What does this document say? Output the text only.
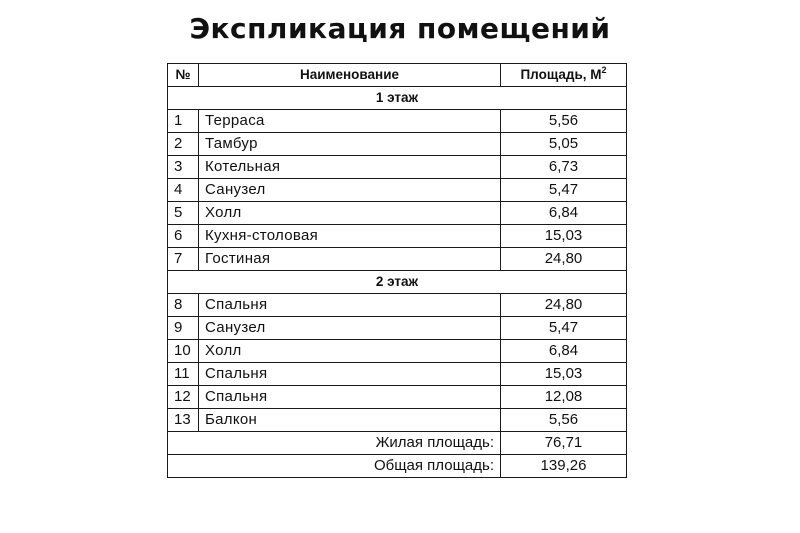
Экспликация помещений
№	Наименование	Площадь, $М^2$
1 этаж		
1	Терраса	5,56
2	Тамбур	5,05
3	Котельная	6,73
4	Санузел	5,47
5	Холл	6,84
6	Кухня-столовая	15,03
7	Гостиная	24,80
2 этаж		
8	Спальня	24,80
9	Санузел	5,47
10	Холл	6,84
11	Спальня	15,03
12	Спальня	12,08
13	Балкон	5,56
Жилая площадь:		76,71
Общая площадь:		139,26
